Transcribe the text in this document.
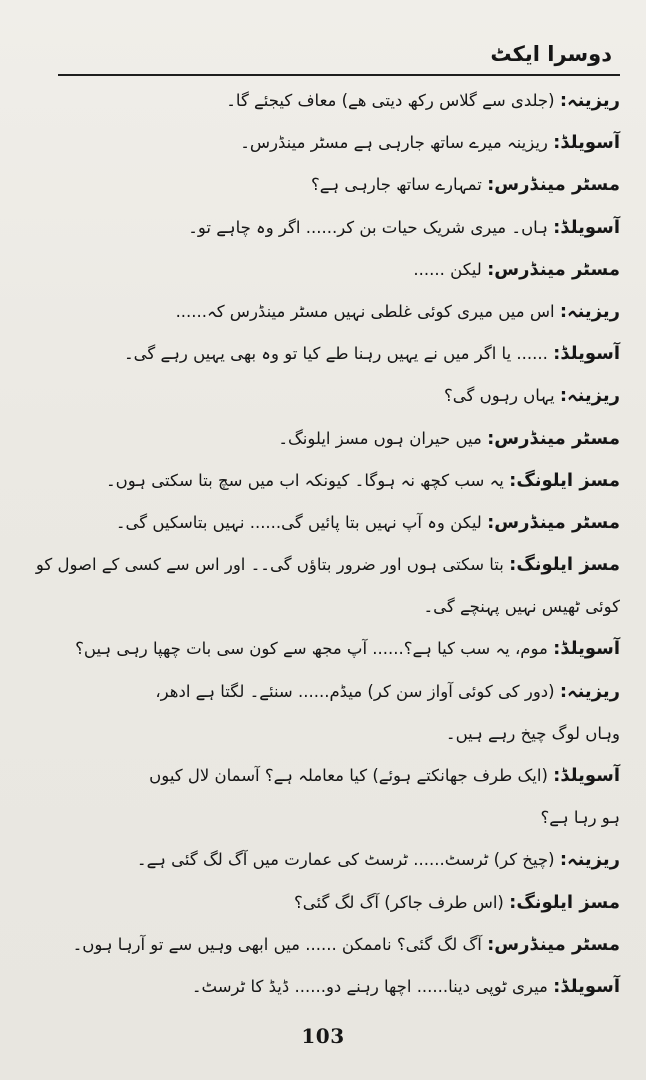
دوسرا ایکٹ
ریزینہ: (جلدی سے گلاس رکھ دیتی ھے) معاف کیجئے گا۔
آسویلڈ: ریزینہ میرے ساتھ جارہی ہے مسٹر مینڈرس۔
مسٹر مینڈرس: تمہارے ساتھ جارہی ہے؟
آسویلڈ: ہاں۔ میری شریک حیات بن کر...... اگر وہ چاہے تو۔
مسٹر مینڈرس: لیکن ......
ریزینہ: اس میں میری کوئی غلطی نہیں مسٹر مینڈرس کہ......
آسویلڈ: ...... یا اگر میں نے یہیں رہنا طے کیا تو وہ بھی یہیں رہے گی۔
ریزینہ: یہاں رہوں گی؟
مسٹر مینڈرس: میں حیران ہوں مسز ایلونگ۔
مسز ایلونگ: یہ سب کچھ نہ ہوگا۔ کیونکہ اب میں سچ بتا سکتی ہوں۔
مسٹر مینڈرس: لیکن وہ آپ نہیں بتا پائیں گی...... نہیں بتاسکیں گی۔
مسز ایلونگ: بتا سکتی ہوں اور ضرور بتاؤں گی۔۔ اور اس سے کسی کے اصول کو
کوئی ٹھیس نہیں پہنچے گی۔
آسویلڈ: موم، یہ سب کیا ہے؟...... آپ مجھ سے کون سی بات چھپا رہی ہیں؟
ریزینہ: (دور کی کوئی آواز سن کر) میڈم...... سنئے۔ لگتا ہے ادھر،
وہاں لوگ چیخ رہے ہیں۔
آسویلڈ: (ایک طرف جھانکتے ہوئے) کیا معاملہ ہے؟ آسمان لال کیوں
ہو رہا ہے؟
ریزینہ: (چیخ کر) ٹرسٹ...... ٹرسٹ کی عمارت میں آگ لگ گئی ہے۔
مسز ایلونگ: (اس طرف جاکر) آگ لگ گئی؟
مسٹر مینڈرس: آگ لگ گئی؟ ناممکن ...... میں ابھی وہیں سے تو آرہا ہوں۔
آسویلڈ: میری ٹوپی دینا...... اچھا رہنے دو...... ڈیڈ کا ٹرسٹ۔
103
